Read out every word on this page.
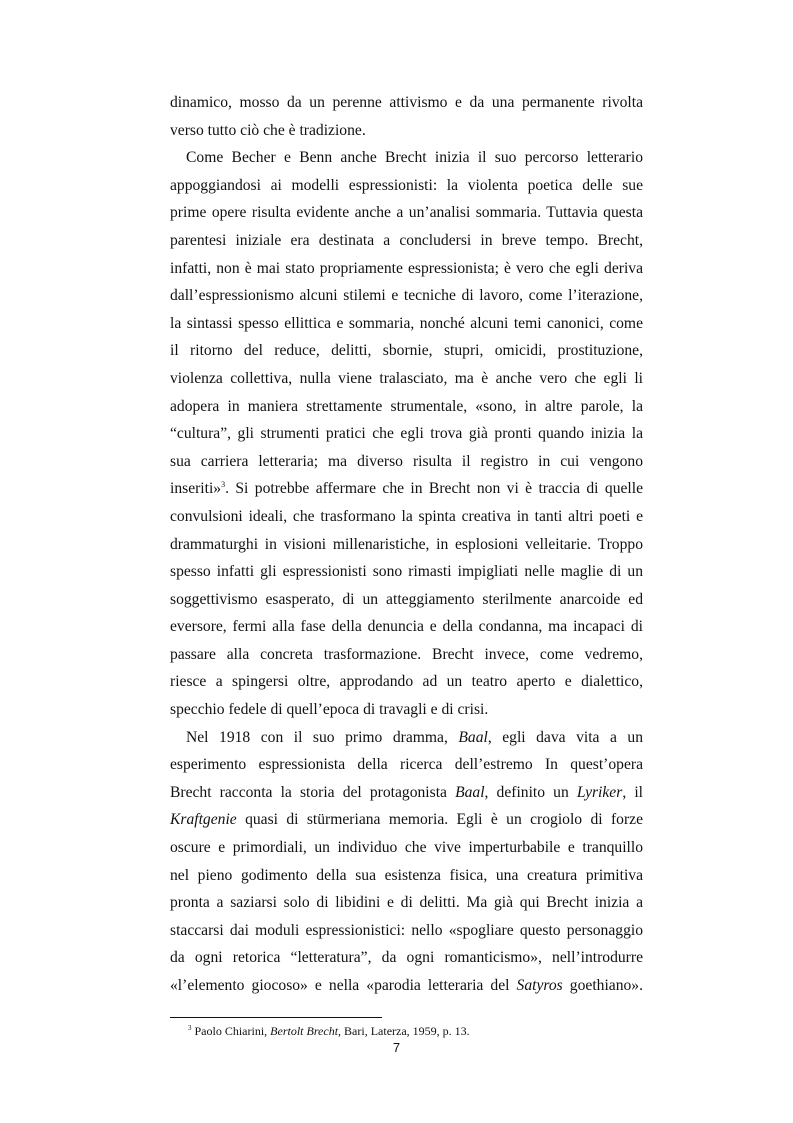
dinamico, mosso da un perenne attivismo e da una permanente rivolta
verso tutto ciò che è tradizione.
Come Becher e Benn anche Brecht inizia il suo percorso letterario
appoggiandosi ai modelli espressionisti: la violenta poetica delle sue
prime opere risulta evidente anche a un’analisi sommaria. Tuttavia questa
parentesi iniziale era destinata a concludersi in breve tempo. Brecht,
infatti, non è mai stato propriamente espressionista; è vero che egli deriva
dall’espressionismo alcuni stilemi e tecniche di lavoro, come l’iterazione,
la sintassi spesso ellittica e sommaria, nonché alcuni temi canonici, come
il ritorno del reduce, delitti, sbornie, stupri, omicidi, prostituzione,
violenza collettiva, nulla viene tralasciato, ma è anche vero che egli li
adopera in maniera strettamente strumentale, «sono, in altre parole, la
“cultura”, gli strumenti pratici che egli trova già pronti quando inizia la
sua carriera letteraria; ma diverso risulta il registro in cui vengono
inseriti»$^3$. Si potrebbe affermare che in Brecht non vi è traccia di quelle
convulsioni ideali, che trasformano la spinta creativa in tanti altri poeti e
drammaturghi in visioni millenaristiche, in esplosioni velleitarie. Troppo
spesso infatti gli espressionisti sono rimasti impigliati nelle maglie di un
soggettivismo esasperato, di un atteggiamento sterilmente anarcoide ed
eversore, fermi alla fase della denuncia e della condanna, ma incapaci di
passare alla concreta trasformazione. Brecht invece, come vedremo,
riesce a spingersi oltre, approdando ad un teatro aperto e dialettico,
specchio fedele di quell’epoca di travagli e di crisi.
Nel 1918 con il suo primo dramma, Baal, egli dava vita a un
esperimento espressionista della ricerca dell’estremo In quest’opera
Brecht racconta la storia del protagonista Baal, definito un Lyriker, il
Kraftgenie quasi di stürmeriana memoria. Egli è un crogiolo di forze
oscure e primordiali, un individuo che vive imperturbabile e tranquillo
nel pieno godimento della sua esistenza fisica, una creatura primitiva
pronta a saziarsi solo di libidini e di delitti. Ma già qui Brecht inizia a
staccarsi dai moduli espressionistici: nello «spogliare questo personaggio
da ogni retorica “letteratura”, da ogni romanticismo», nell’introdurre
«l’elemento giocoso» e nella «parodia letteraria del Satyros goethiano».
$^3$ Paolo Chiarini, Bertolt Brecht, Bari, Laterza, 1959, p. 13.
7
